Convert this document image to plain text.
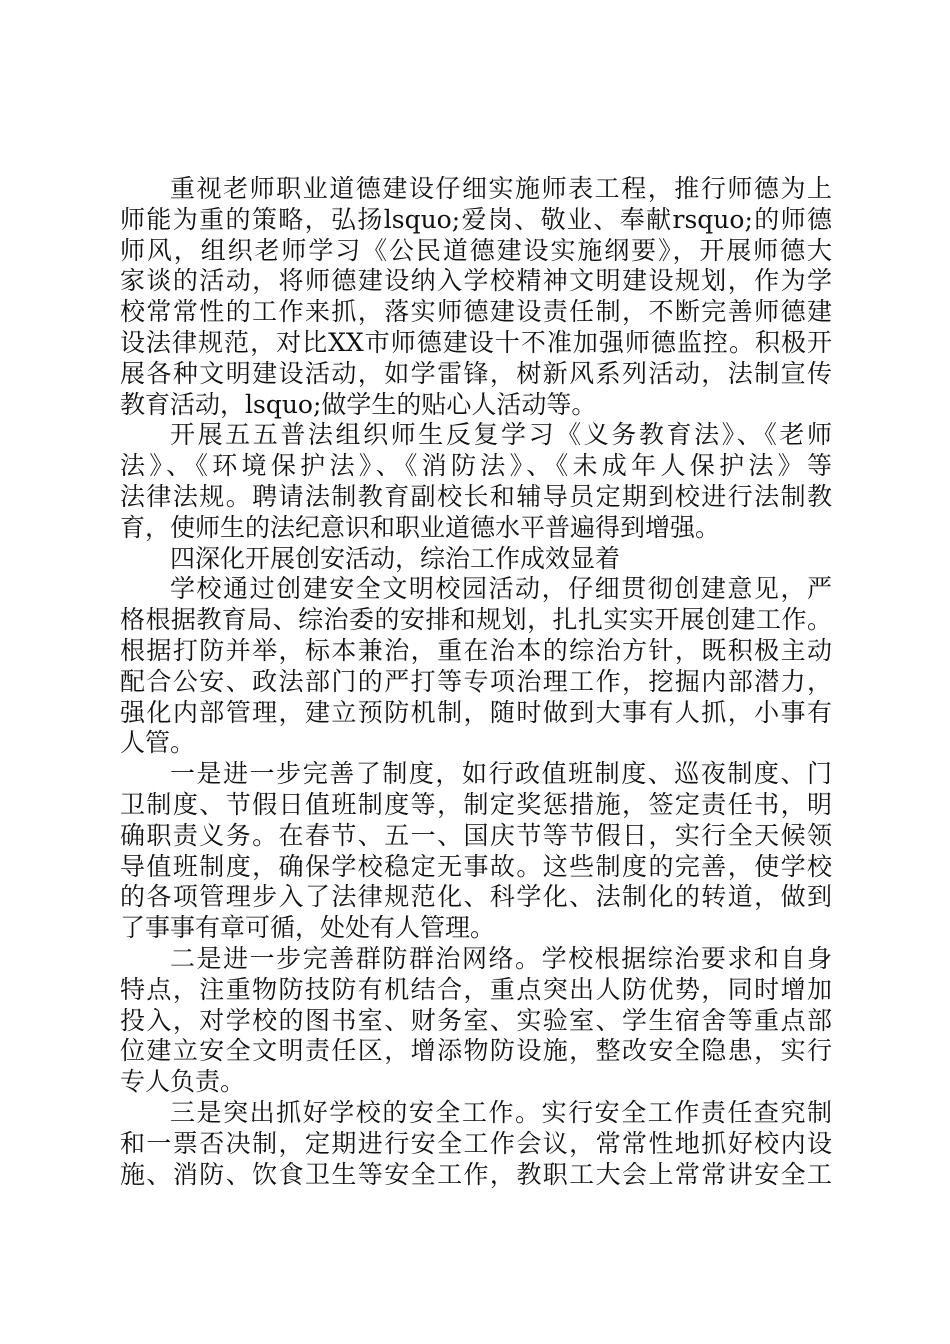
重视老师职业道德建设仔细实施师表工程，推行师德为上
师能为重的策略，弘扬lsquo;爱岗、敬业、奉献rsquo;的师德
师风，组织老师学习《公民道德建设实施纲要》，开展师德大
家谈的活动，将师德建设纳入学校精神文明建设规划，作为学
校常常性的工作来抓，落实师德建设责任制，不断完善师德建
设法律规范，对比XX市师德建设十不准加强师德监控。积极开
展各种文明建设活动，如学雷锋，树新风系列活动，法制宣传
教育活动，lsquo;做学生的贴心人活动等。
开展五五普法组织师生反复学习《义务教育法》、《老师
法》、《环境保护法》、《消防法》、《未成年人保护法》等
法律法规。聘请法制教育副校长和辅导员定期到校进行法制教
育，使师生的法纪意识和职业道德水平普遍得到增强。
四深化开展创安活动，综治工作成效显着
学校通过创建安全文明校园活动，仔细贯彻创建意见，严
格根据教育局、综治委的安排和规划，扎扎实实开展创建工作。
根据打防并举，标本兼治，重在治本的综治方针，既积极主动
配合公安、政法部门的严打等专项治理工作，挖掘内部潜力，
强化内部管理，建立预防机制，随时做到大事有人抓，小事有
人管。
一是进一步完善了制度，如行政值班制度、巡夜制度、门
卫制度、节假日值班制度等，制定奖惩措施，签定责任书，明
确职责义务。在春节、五一、国庆节等节假日，实行全天候领
导值班制度，确保学校稳定无事故。这些制度的完善，使学校
的各项管理步入了法律规范化、科学化、法制化的转道，做到
了事事有章可循，处处有人管理。
二是进一步完善群防群治网络。学校根据综治要求和自身
特点，注重物防技防有机结合，重点突出人防优势，同时增加
投入，对学校的图书室、财务室、实验室、学生宿舍等重点部
位建立安全文明责任区，增添物防设施，整改安全隐患，实行
专人负责。
三是突出抓好学校的安全工作。实行安全工作责任查究制
和一票否决制，定期进行安全工作会议，常常性地抓好校内设
施、消防、饮食卫生等安全工作，教职工大会上常常讲安全工
